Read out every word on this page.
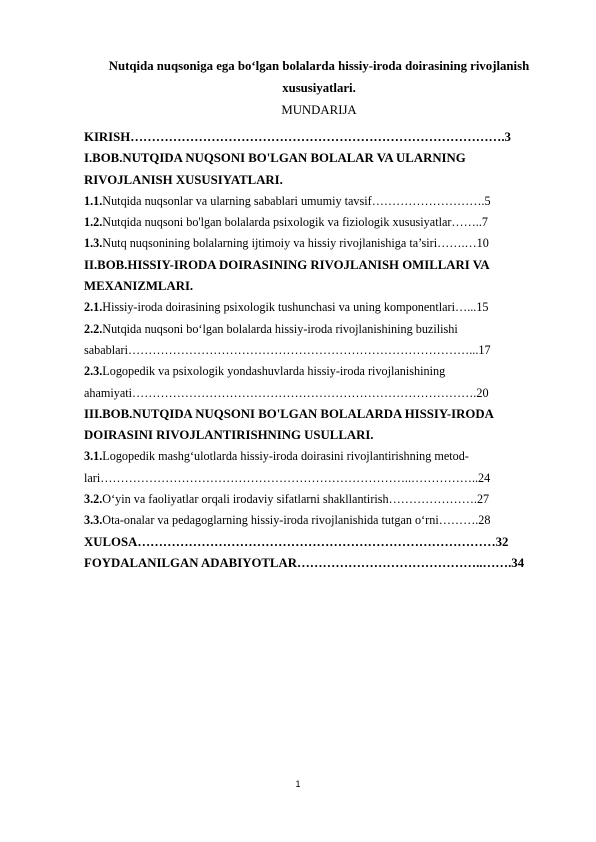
Nutqida nuqsoniga ega bo‘lgan bolalarda hissiy-iroda doirasining rivojlanish
xususiyatlari.
MUNDARIJA
KIRISH…………………………………………………………………………….3
I.BOB.NUTQIDA NUQSONI BO'LGAN BOLALAR VA ULARNING
RIVOJLANISH XUSUSIYATLARI.
1.1.Nutqida nuqsonlar va ularning sabablari umumiy tavsif……………………….5
1.2.Nutqida nuqsoni bo'lgan bolalarda psixologik va fiziologik xususiyatlar……..7
1.3.Nutq nuqsonining bolalarning ijtimoiy va hissiy rivojlanishiga ta’siri…….…10
II.BOB.HISSIY-IRODA DOIRASINING RIVOJLANISH OMILLARI VA
MEXANIZMLARI.
2.1.Hissiy-iroda doirasining psixologik tushunchasi va uning komponentlari…...15
2.2.Nutqida nuqsoni bo‘lgan bolalarda hissiy-iroda rivojlanishining buzilishi
sabablari…………………………………………………………………………...17
2.3.Logopedik va psixologik yondashuvlarda hissiy-iroda rivojlanishining
ahamiyati………………………………………………………………………….20
III.BOB.NUTQIDA NUQSONI BO'LGAN BOLALARDA HISSIY-IRODA
DOIRASINI RIVOJLANTIRISHNING USULLARI.
3.1.Logopedik mashg‘ulotlarda hissiy-iroda doirasini rivojlantirishning metod-
lari…………………………………………………………………..……………..24
3.2.O‘yin va faoliyatlar orqali irodaviy sifatlarni shakllantirish………………….27
3.3.Ota-onalar va pedagoglarning hissiy-iroda rivojlanishida tutgan o‘rni……….28
XULOSA…………………………………………………………………………32
FOYDALANILGAN ADABIYOTLAR……………………………………..…….34
1
